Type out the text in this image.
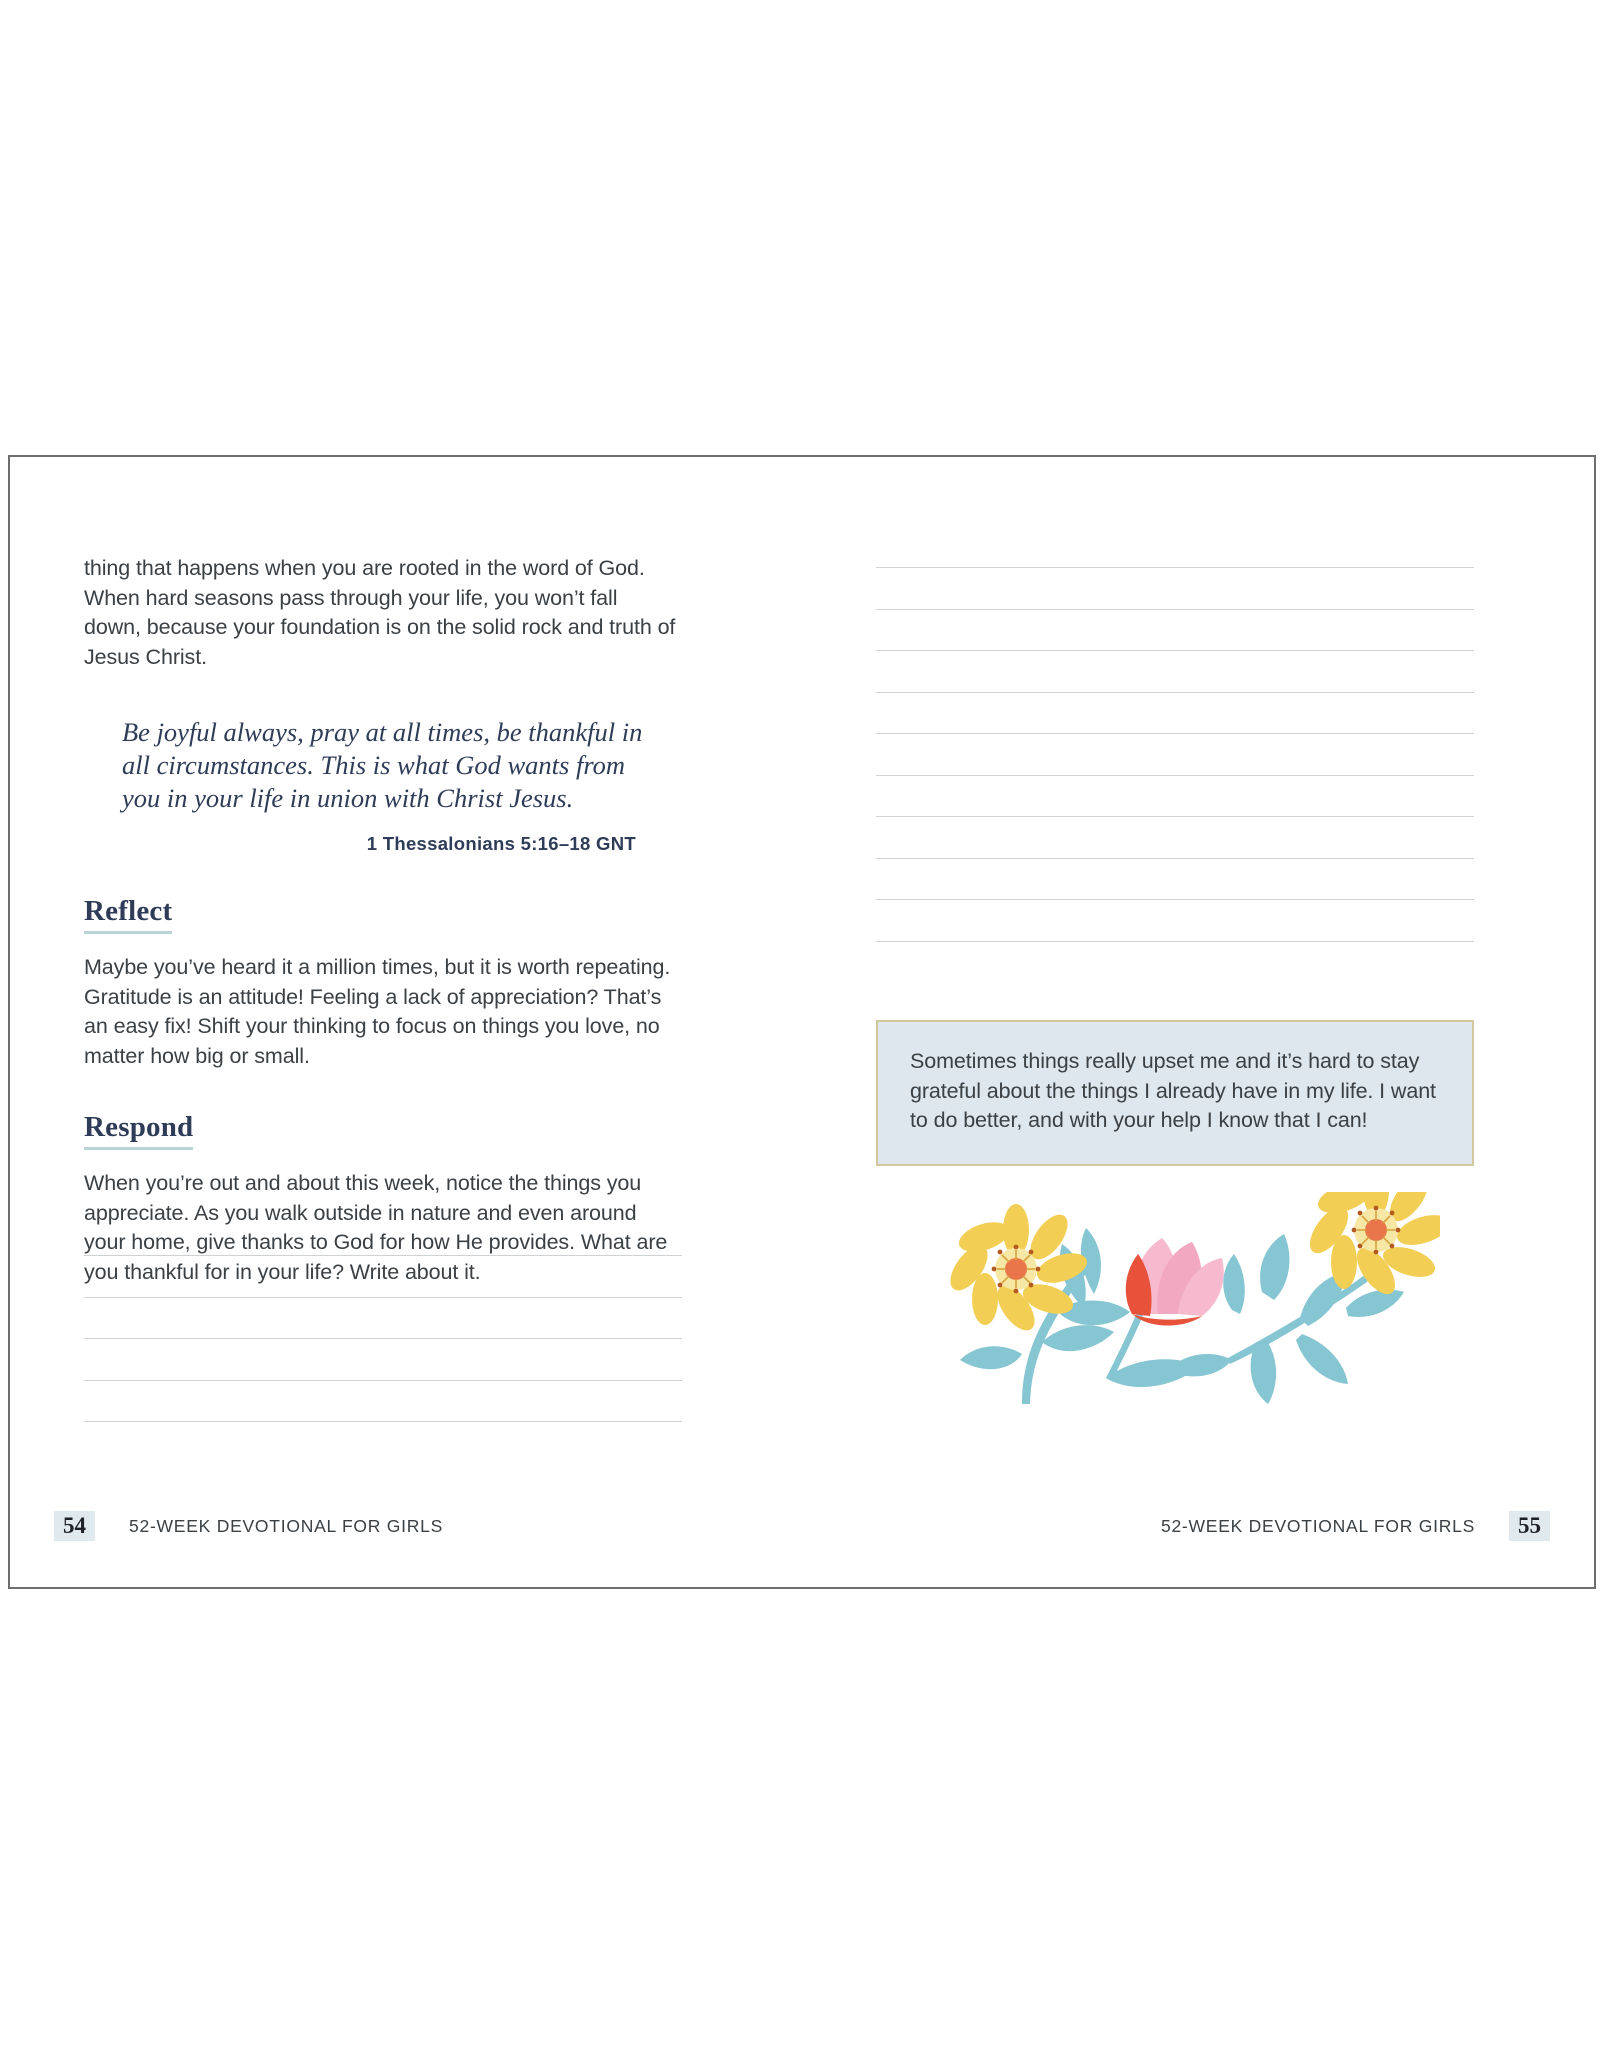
thing that happens when you are rooted in the word of God. When hard seasons pass through your life, you won’t fall down, because your foundation is on the solid rock and truth of Jesus Christ.

Be joyful always, pray at all times, be thankful in all circumstances. This is what God wants from you in your life in union with Christ Jesus.

1 Thessalonians 5:16–18 GNT

Reflect

Maybe you’ve heard it a million times, but it is worth repeating. Gratitude is an attitude! Feeling a lack of appreciation? That’s an easy fix! Shift your thinking to focus on things you love, no matter how big or small.

Respond

When you’re out and about this week, notice the things you appreciate. As you walk outside in nature and even around your home, give thanks to God for how He provides. What are you thankful for in your life? Write about it.

54	52-WEEK DEVOTIONAL FOR GIRLS

Sometimes things really upset me and it’s hard to stay grateful about the things I already have in my life. I want to do better, and with your help I know that I can!

52-WEEK DEVOTIONAL FOR GIRLS	55
